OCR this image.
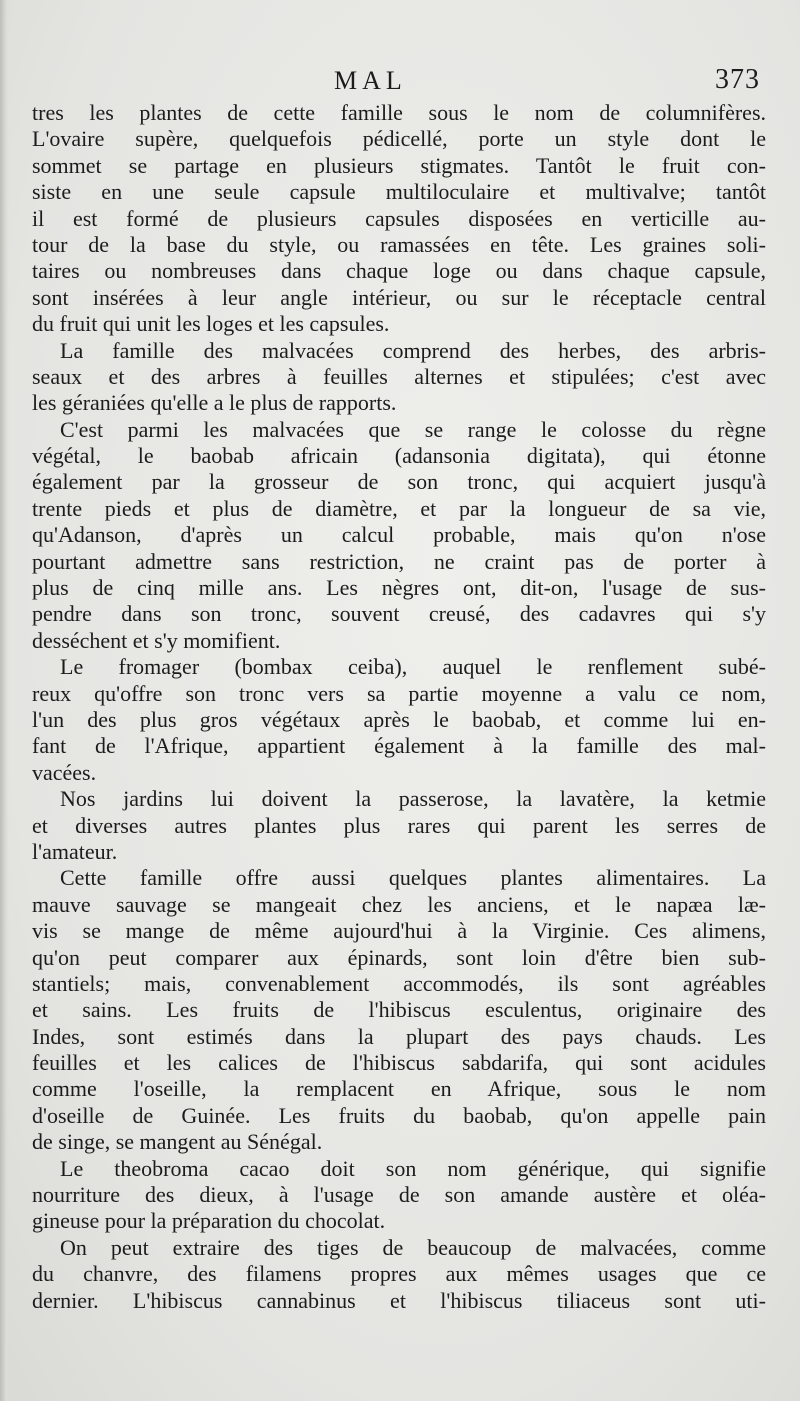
MAL	373
tres les plantes de cette famille sous le nom de columnifères.
L'ovaire supère, quelquefois pédicellé, porte un style dont le
sommet se partage en plusieurs stigmates. Tantôt le fruit con-
siste en une seule capsule multiloculaire et multivalve; tantôt
il est formé de plusieurs capsules disposées en verticille au-
tour de la base du style, ou ramassées en tête. Les graines soli-
taires ou nombreuses dans chaque loge ou dans chaque capsule,
sont insérées à leur angle intérieur, ou sur le réceptacle central
du fruit qui unit les loges et les capsules.
La famille des malvacées comprend des herbes, des arbris-
seaux et des arbres à feuilles alternes et stipulées; c'est avec
les géraniées qu'elle a le plus de rapports.
C'est parmi les malvacées que se range le colosse du règne
végétal, le baobab africain (adansonia digitata), qui étonne
également par la grosseur de son tronc, qui acquiert jusqu'à
trente pieds et plus de diamètre, et par la longueur de sa vie,
qu'Adanson, d'après un calcul probable, mais qu'on n'ose
pourtant admettre sans restriction, ne craint pas de porter à
plus de cinq mille ans. Les nègres ont, dit-on, l'usage de sus-
pendre dans son tronc, souvent creusé, des cadavres qui s'y
desséchent et s'y momifient.
Le fromager (bombax ceiba), auquel le renflement subé-
reux qu'offre son tronc vers sa partie moyenne a valu ce nom,
l'un des plus gros végétaux après le baobab, et comme lui en-
fant de l'Afrique, appartient également à la famille des mal-
vacées.
Nos jardins lui doivent la passerose, la lavatère, la ketmie
et diverses autres plantes plus rares qui parent les serres de
l'amateur.
Cette famille offre aussi quelques plantes alimentaires. La
mauve sauvage se mangeait chez les anciens, et le napæa læ-
vis se mange de même aujourd'hui à la Virginie. Ces alimens,
qu'on peut comparer aux épinards, sont loin d'être bien sub-
stantiels; mais, convenablement accommodés, ils sont agréables
et sains. Les fruits de l'hibiscus esculentus, originaire des
Indes, sont estimés dans la plupart des pays chauds. Les
feuilles et les calices de l'hibiscus sabdarifa, qui sont acidules
comme l'oseille, la remplacent en Afrique, sous le nom
d'oseille de Guinée. Les fruits du baobab, qu'on appelle pain
de singe, se mangent au Sénégal.
Le theobroma cacao doit son nom générique, qui signifie
nourriture des dieux, à l'usage de son amande austère et oléa-
gineuse pour la préparation du chocolat.
On peut extraire des tiges de beaucoup de malvacées, comme
du chanvre, des filamens propres aux mêmes usages que ce
dernier. L'hibiscus cannabinus et l'hibiscus tiliaceus sont uti-
